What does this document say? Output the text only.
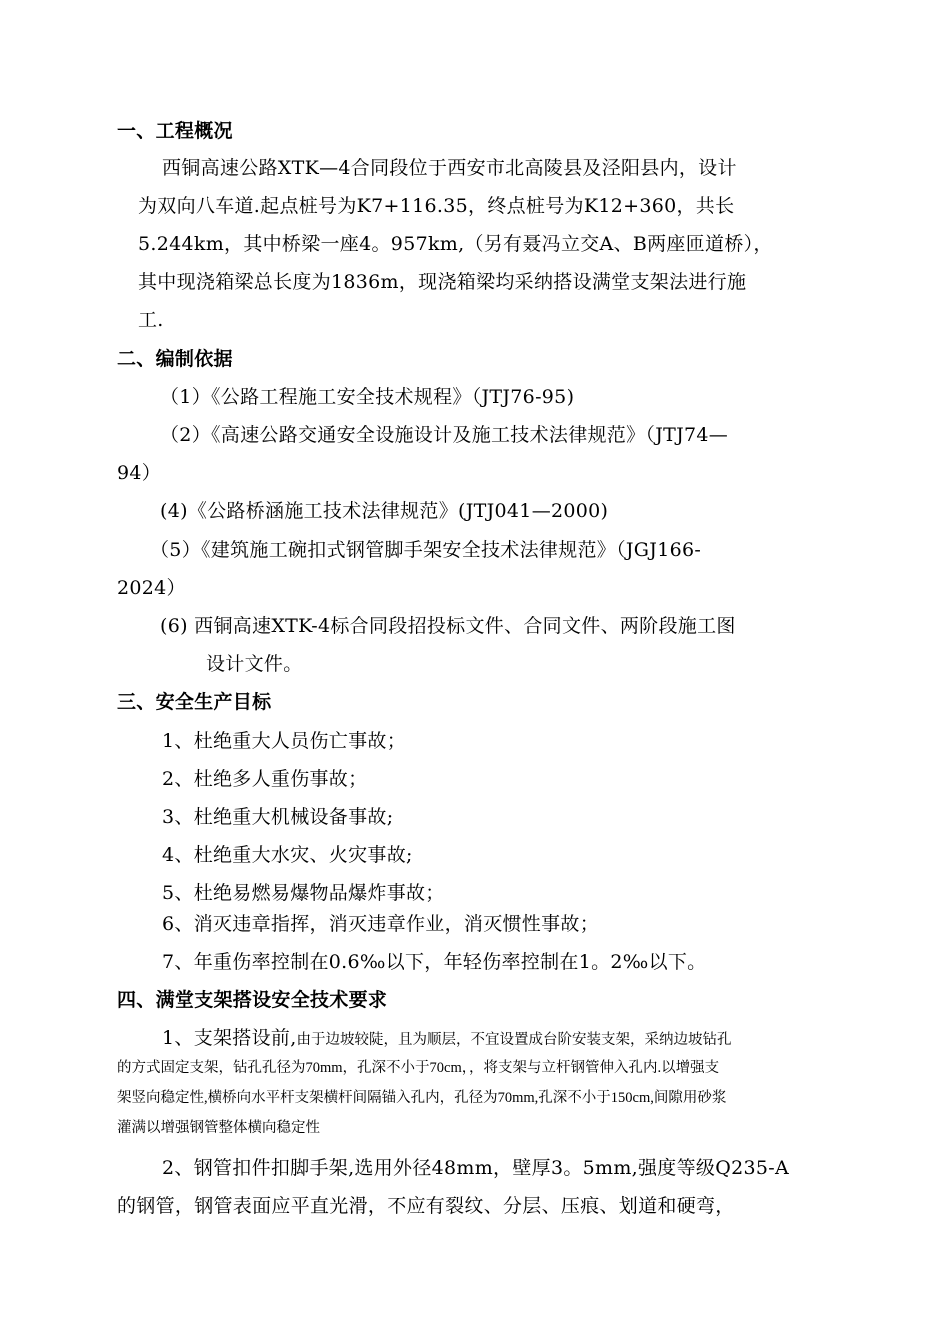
一、工程概况
西铜高速公路XTK—4合同段位于西安市北高陵县及泾阳县内，设计
为双向八车道.起点桩号为K7+116.35，终点桩号为K12+360，共长
5.244km，其中桥梁一座4。957km,（另有聂冯立交A、B两座匝道桥），
其中现浇箱梁总长度为1836m，现浇箱梁均采纳搭设满堂支架法进行施
工.
二、编制依据
（1）《公路工程施工安全技术规程》（JTJ76-95)
（2）《高速公路交通安全设施设计及施工技术法律规范》（JTJ74—
94）
(4)《公路桥涵施工技术法律规范》(JTJ041—2000)
（5）《建筑施工碗扣式钢管脚手架安全技术法律规范》（JGJ166-
2024）
(6) 西铜高速XTK-4标合同段招投标文件、合同文件、两阶段施工图
设计文件。
三、安全生产目标
1、杜绝重大人员伤亡事故；
2、杜绝多人重伤事故；
3、杜绝重大机械设备事故;
4、杜绝重大水灾、火灾事故;
5、杜绝易燃易爆物品爆炸事故；
6、消灭违章指挥，消灭违章作业，消灭惯性事故；
7、年重伤率控制在0.6‰以下，年轻伤率控制在1。2‰以下。
四、满堂支架搭设安全技术要求
1、支架搭设前,由于边坡较陡，且为顺层，不宜设置成台阶安装支架，采纳边坡钻孔
的方式固定支架，钻孔孔径为70mm，孔深不小于70cm，，将支架与立杆钢管伸入孔内.以增强支
架竖向稳定性,横桥向水平杆支架横杆间隔锚入孔内，孔径为70mm,孔深不小于150cm,间隙用砂浆
灌满以增强钢管整体横向稳定性
2、钢管扣件扣脚手架,选用外径48mm，壁厚3。5mm,强度等级Q235-A
的钢管，钢管表面应平直光滑，不应有裂纹、分层、压痕、划道和硬弯，
